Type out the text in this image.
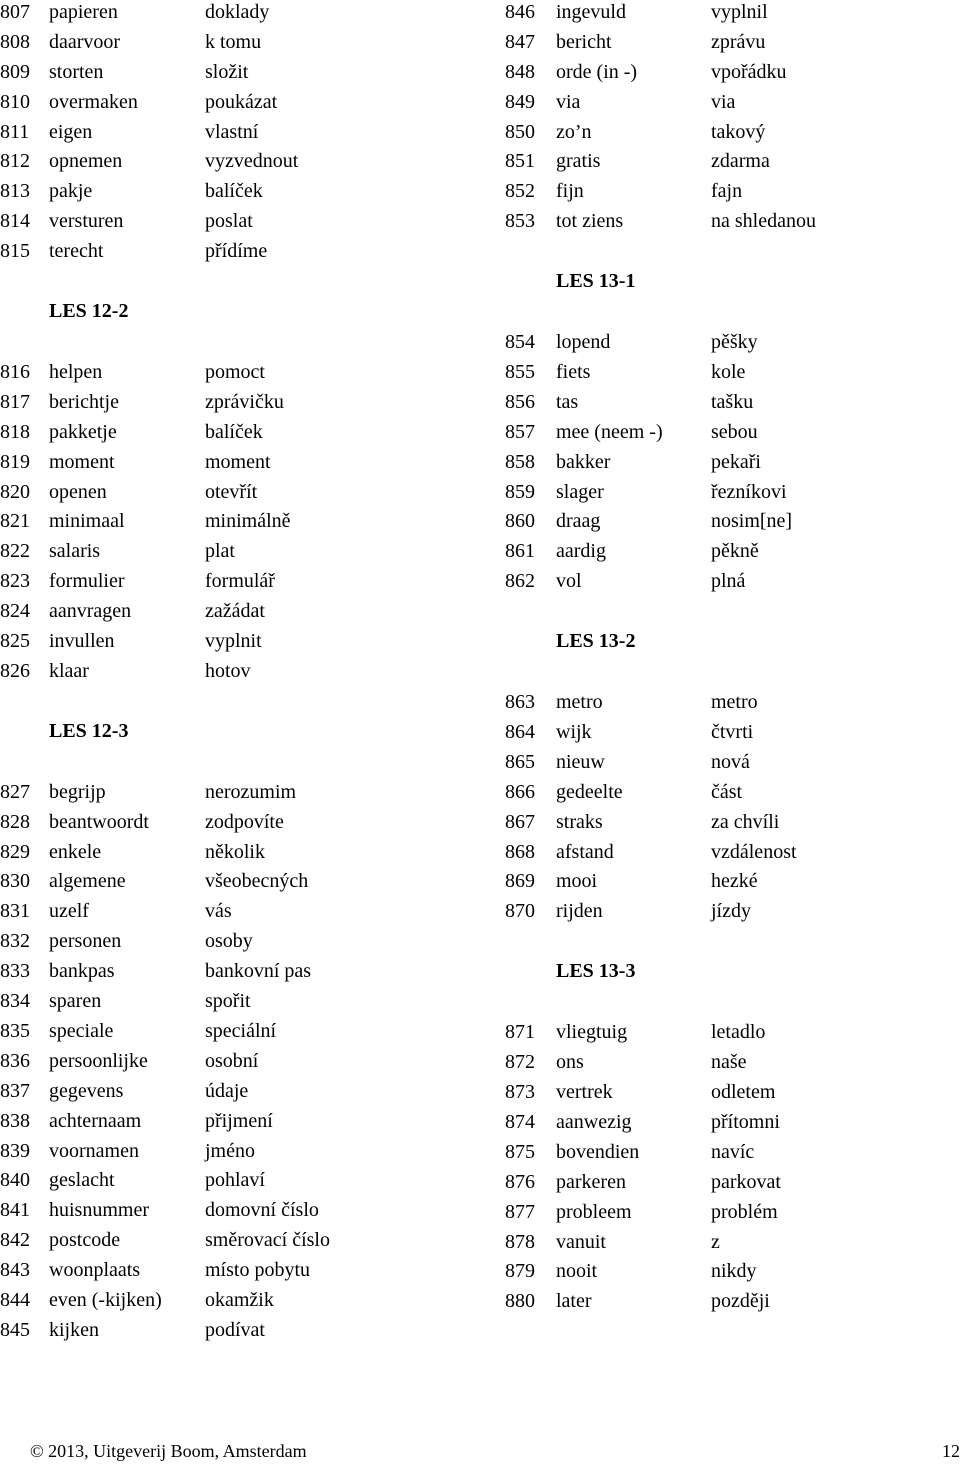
807 papieren	doklady
808 daarvoor	k tomu
809 storten	složit
810 overmaken	poukázat
811 eigen	vlastní
812 opnemen	vyzvednout
813 pakje	balíček
814 versturen	poslat
815 terecht	přídíme
LES 12-2
816 helpen	pomoct
817 berichtje	zprávičku
818 pakketje	balíček
819 moment	moment
820 openen	otevřít
821 minimaal	minimálně
822 salaris	plat
823 formulier	formulář
824 aanvragen	zažádat
825 invullen	vyplnit
826 klaar	hotov
LES 12-3
827 begrijp	nerozumim
828 beantwoordt	zodpovíte
829 enkele	několik
830 algemene	všeobecných
831 uzelf	vás
832 personen	osoby
833 bankpas	bankovní pas
834 sparen	spořit
835 speciale	speciální
836 persoonlijke	osobní
837 gegevens	údaje
838 achternaam	přijmení
839 voornamen	jméno
840 geslacht	pohlaví
841 huisnummer	domovní číslo
842 postcode	směrovací číslo
843 woonplaats	místo pobytu
844 even (-kijken) okamžik
845 kijken	podívat
846 ingevuld	vyplnil
847 bericht	zprávu
848 orde (in -)	vpořádku
849 via	via
850 zo’n	takový
851 gratis	zdarma
852 fijn	fajn
853 tot ziens	na shledanou
LES 13-1
854 lopend	pěšky
855 fiets	kole
856 tas	tašku
857 mee (neem -) sebou
858 bakker	pekaři
859 slager	řezníkovi
860 draag	nosim[ne]
861 aardig	pěkně
862 vol	plná
LES 13-2
863 metro	metro
864 wijk	čtvrti
865 nieuw	nová
866 gedeelte	část
867 straks	za chvíli
868 afstand	vzdálenost
869 mooi	hezké
870 rijden	jízdy
LES 13-3
871 vliegtuig	letadlo
872 ons	naše
873 vertrek	odletem
874 aanwezig	přítomni
875 bovendien	navíc
876 parkeren	parkovat
877 probleem	problém
878 vanuit	z
879 nooit	nikdy
880 later	později
© 2013, Uitgeverij Boom, Amsterdam	12
